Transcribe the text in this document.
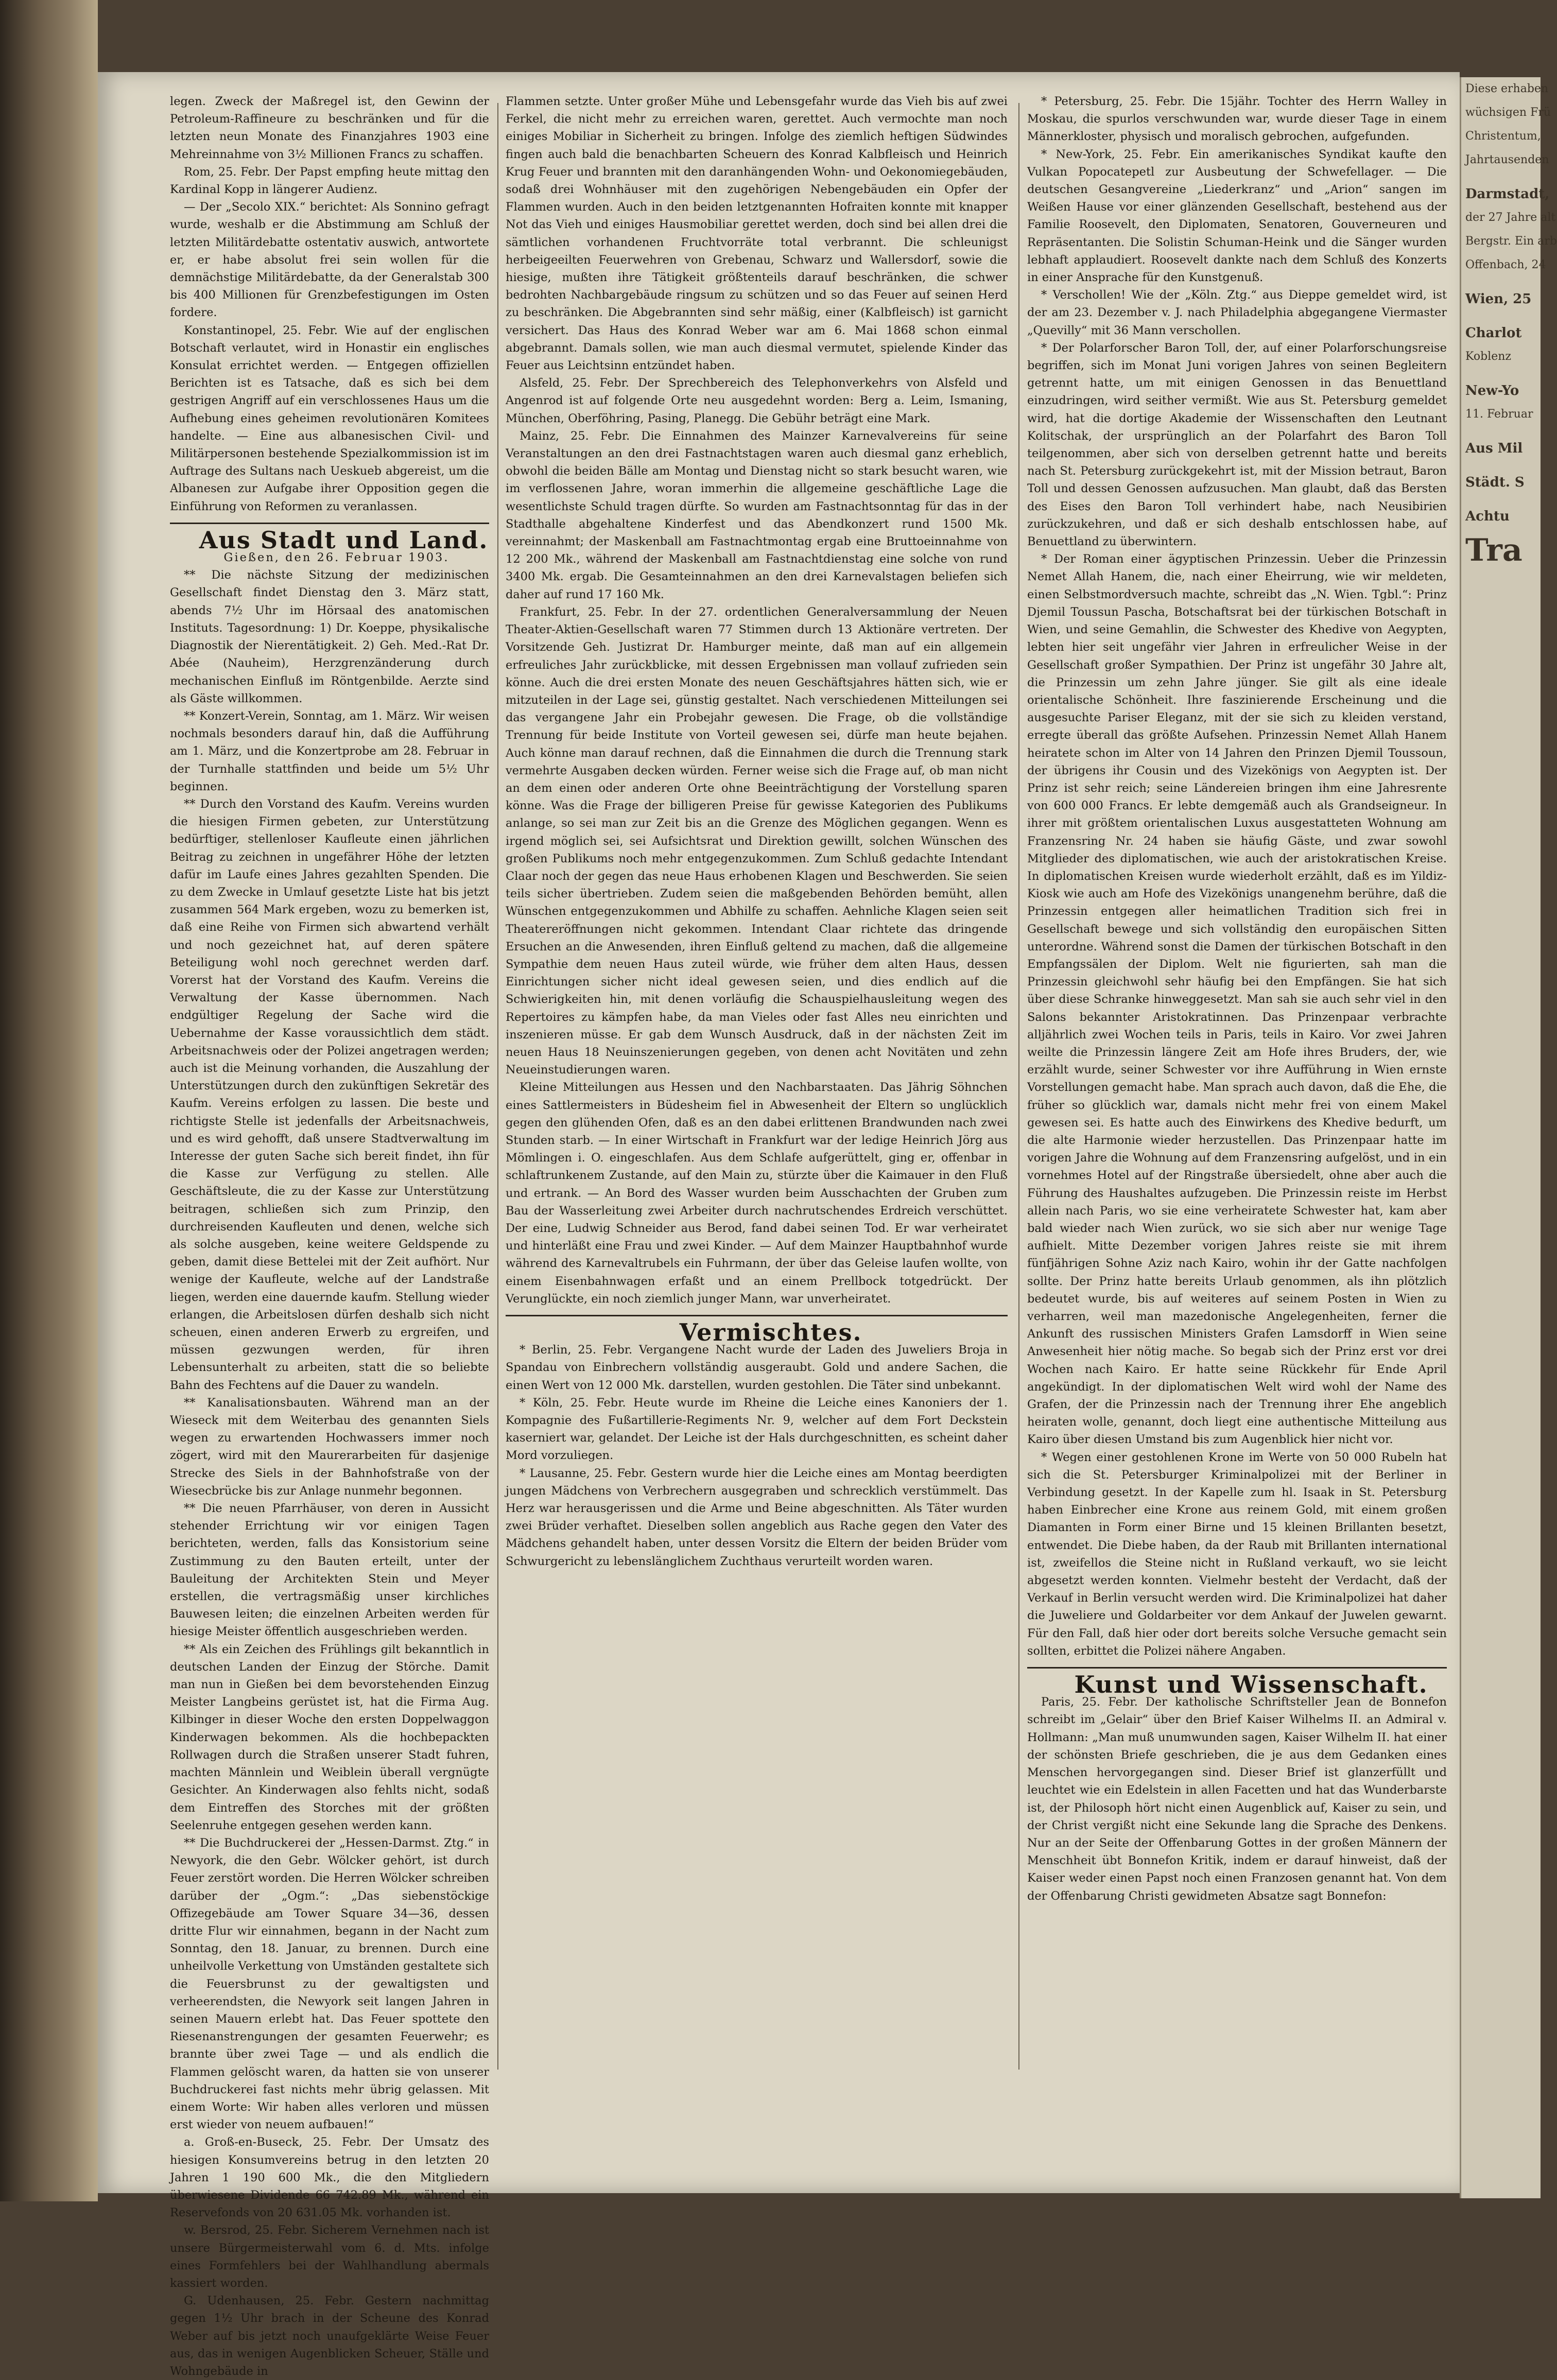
legen. Zweck der Maßregel ist, den Gewinn der Petroleum-Raffineure zu beschränken und für die letzten neun Monate des Finanzjahres 1903 eine Mehreinnahme von 3½ Millionen Francs zu schaffen.

Rom, 25. Febr. Der Papst empfing heute mittag den Kardinal Kopp in längerer Audienz.

— Der „Secolo XIX.“ berichtet: Als Sonnino gefragt wurde, weshalb er die Abstimmung am Schluß der letzten Militärdebatte ostentativ auswich, antwortete er, er habe absolut frei sein wollen für die demnächstige Militärdebatte, da der Generalstab 300 bis 400 Millionen für Grenzbefestigungen im Osten fordere.

Konstantinopel, 25. Febr. Wie auf der englischen Botschaft verlautet, wird in Honastir ein englisches Konsulat errichtet werden. — Entgegen offiziellen Berichten ist es Tatsache, daß es sich bei dem gestrigen Angriff auf ein verschlossenes Haus um die Aufhebung eines geheimen revolutionären Komitees handelte. — Eine aus albanesischen Civil- und Militärpersonen bestehende Spezialkommission ist im Auftrage des Sultans nach Ueskueb abgereist, um die Albanesen zur Aufgabe ihrer Opposition gegen die Einführung von Reformen zu veranlassen.

Aus Stadt und Land.

Gießen, den 26. Februar 1903.

** Die nächste Sitzung der medizinischen Gesellschaft findet Dienstag den 3. März statt, abends 7½ Uhr im Hörsaal des anatomischen Instituts. Tagesordnung: 1) Dr. Koeppe, physikalische Diagnostik der Nierentätigkeit. 2) Geh. Med.-Rat Dr. Abée (Nauheim), Herzgrenzänderung durch mechanischen Einfluß im Röntgenbilde. Aerzte sind als Gäste willkommen.

** Konzert-Verein, Sonntag, am 1. März. Wir weisen nochmals besonders darauf hin, daß die Aufführung am 1. März, und die Konzertprobe am 28. Februar in der Turnhalle stattfinden und beide um 5½ Uhr beginnen.

** Durch den Vorstand des Kaufm. Vereins wurden die hiesigen Firmen gebeten, zur Unterstützung bedürftiger, stellenloser Kaufleute einen jährlichen Beitrag zu zeichnen in ungefährer Höhe der letzten dafür im Laufe eines Jahres gezahlten Spenden. Die zu dem Zwecke in Umlauf gesetzte Liste hat bis jetzt zusammen 564 Mark ergeben, wozu zu bemerken ist, daß eine Reihe von Firmen sich abwartend verhält und noch gezeichnet hat, auf deren spätere Beteiligung wohl noch gerechnet werden darf. Vorerst hat der Vorstand des Kaufm. Vereins die Verwaltung der Kasse übernommen. Nach endgültiger Regelung der Sache wird die Uebernahme der Kasse voraussichtlich dem städt. Arbeitsnachweis oder der Polizei angetragen werden; auch ist die Meinung vorhanden, die Auszahlung der Unterstützungen durch den zukünftigen Sekretär des Kaufm. Vereins erfolgen zu lassen. Die beste und richtigste Stelle ist jedenfalls der Arbeitsnachweis, und es wird gehofft, daß unsere Stadtverwaltung im Interesse der guten Sache sich bereit findet, ihn für die Kasse zur Verfügung zu stellen. Alle Geschäftsleute, die zu der Kasse zur Unterstützung beitragen, schließen sich zum Prinzip, den durchreisenden Kaufleuten und denen, welche sich als solche ausgeben, keine weitere Geldspende zu geben, damit diese Bettelei mit der Zeit aufhört. Nur wenige der Kaufleute, welche auf der Landstraße liegen, werden eine dauernde kaufm. Stellung wieder erlangen, die Arbeitslosen dürfen deshalb sich nicht scheuen, einen anderen Erwerb zu ergreifen, und müssen gezwungen werden, für ihren Lebensunterhalt zu arbeiten, statt die so beliebte Bahn des Fechtens auf die Dauer zu wandeln.

** Kanalisationsbauten. Während man an der Wieseck mit dem Weiterbau des genannten Siels wegen zu erwartenden Hochwassers immer noch zögert, wird mit den Maurerarbeiten für dasjenige Strecke des Siels in der Bahnhofstraße von der Wiesecbrücke bis zur Anlage nunmehr begonnen.

** Die neuen Pfarrhäuser, von deren in Aussicht stehender Errichtung wir vor einigen Tagen berichteten, werden, falls das Konsistorium seine Zustimmung zu den Bauten erteilt, unter der Bauleitung der Architekten Stein und Meyer erstellen, die vertragsmäßig unser kirchliches Bauwesen leiten; die einzelnen Arbeiten werden für hiesige Meister öffentlich ausgeschrieben werden.

** Als ein Zeichen des Frühlings gilt bekanntlich in deutschen Landen der Einzug der Störche. Damit man nun in Gießen bei dem bevorstehenden Einzug Meister Langbeins gerüstet ist, hat die Firma Aug. Kilbinger in dieser Woche den ersten Doppelwaggon Kinderwagen bekommen. Als die hochbepackten Rollwagen durch die Straßen unserer Stadt fuhren, machten Männlein und Weiblein überall vergnügte Gesichter. An Kinderwagen also fehlts nicht, sodaß dem Eintreffen des Storches mit der größten Seelenruhe entgegen gesehen werden kann.

** Die Buchdruckerei der „Hessen-Darmst. Ztg.“ in Newyork, die den Gebr. Wölcker gehört, ist durch Feuer zerstört worden. Die Herren Wölcker schreiben darüber der „Ogm.“: „Das siebenstöckige Offizegebäude am Tower Square 34—36, dessen dritte Flur wir einnahmen, begann in der Nacht zum Sonntag, den 18. Januar, zu brennen. Durch eine unheilvolle Verkettung von Umständen gestaltete sich die Feuersbrunst zu der gewaltigsten und verheerendsten, die Newyork seit langen Jahren in seinen Mauern erlebt hat. Das Feuer spottete den Riesenanstrengungen der gesamten Feuerwehr; es brannte über zwei Tage — und als endlich die Flammen gelöscht waren, da hatten sie von unserer Buchdruckerei fast nichts mehr übrig gelassen. Mit einem Worte: Wir haben alles verloren und müssen erst wieder von neuem aufbauen!“

a. Groß-en-Buseck, 25. Febr. Der Umsatz des hiesigen Konsumvereins betrug in den letzten 20 Jahren 1 190 600 Mk., die den Mitgliedern überwiesene Dividende 66 742.89 Mk., während ein Reservefonds von 20 631.05 Mk. vorhanden ist.

w. Bersrod, 25. Febr. Sicherem Vernehmen nach ist unsere Bürgermeisterwahl vom 6. d. Mts. infolge eines Formfehlers bei der Wahlhandlung abermals kassiert worden.

G. Udenhausen, 25. Febr. Gestern nachmittag gegen 1½ Uhr brach in der Scheune des Konrad Weber auf bis jetzt noch unaufgeklärte Weise Feuer aus, das in wenigen Augenblicken Scheuer, Ställe und Wohngebäude in

Flammen setzte. Unter großer Mühe und Lebensgefahr wurde das Vieh bis auf zwei Ferkel, die nicht mehr zu erreichen waren, gerettet. Auch vermochte man noch einiges Mobiliar in Sicherheit zu bringen. Infolge des ziemlich heftigen Südwindes fingen auch bald die benachbarten Scheuern des Konrad Kalbfleisch und Heinrich Krug Feuer und brannten mit den daranhängenden Wohn- und Oekonomiegebäuden, sodaß drei Wohnhäuser mit den zugehörigen Nebengebäuden ein Opfer der Flammen wurden. Auch in den beiden letztgenannten Hofraiten konnte mit knapper Not das Vieh und einiges Hausmobiliar gerettet werden, doch sind bei allen drei die sämtlichen vorhandenen Fruchtvorräte total verbrannt. Die schleunigst herbeigeeilten Feuerwehren von Grebenau, Schwarz und Wallersdorf, sowie die hiesige, mußten ihre Tätigkeit größtenteils darauf beschränken, die schwer bedrohten Nachbargebäude ringsum zu schützen und so das Feuer auf seinen Herd zu beschränken. Die Abgebrannten sind sehr mäßig, einer (Kalbfleisch) ist garnicht versichert. Das Haus des Konrad Weber war am 6. Mai 1868 schon einmal abgebrannt. Damals sollen, wie man auch diesmal vermutet, spielende Kinder das Feuer aus Leichtsinn entzündet haben.

Alsfeld, 25. Febr. Der Sprechbereich des Telephonverkehrs von Alsfeld und Angenrod ist auf folgende Orte neu ausgedehnt worden: Berg a. Leim, Ismaning, München, Oberföhring, Pasing, Planegg. Die Gebühr beträgt eine Mark.

Mainz, 25. Febr. Die Einnahmen des Mainzer Karnevalvereins für seine Veranstaltungen an den drei Fastnachtstagen waren auch diesmal ganz erheblich, obwohl die beiden Bälle am Montag und Dienstag nicht so stark besucht waren, wie im verflossenen Jahre, woran immerhin die allgemeine geschäftliche Lage die wesentlichste Schuld tragen dürfte. So wurden am Fastnachtsonntag für das in der Stadthalle abgehaltene Kinderfest und das Abendkonzert rund 1500 Mk. vereinnahmt; der Maskenball am Fastnachtmontag ergab eine Bruttoeinnahme von 12 200 Mk., während der Maskenball am Fastnachtdienstag eine solche von rund 3400 Mk. ergab. Die Gesamteinnahmen an den drei Karnevalstagen beliefen sich daher auf rund 17 160 Mk.

Frankfurt, 25. Febr. In der 27. ordentlichen Generalversammlung der Neuen Theater-Aktien-Gesellschaft waren 77 Stimmen durch 13 Aktionäre vertreten. Der Vorsitzende Geh. Justizrat Dr. Hamburger meinte, daß man auf ein allgemein erfreuliches Jahr zurückblicke, mit dessen Ergebnissen man vollauf zufrieden sein könne. Auch die drei ersten Monate des neuen Geschäftsjahres hätten sich, wie er mitzuteilen in der Lage sei, günstig gestaltet. Nach verschiedenen Mitteilungen sei das vergangene Jahr ein Probejahr gewesen. Die Frage, ob die vollständige Trennung für beide Institute von Vorteil gewesen sei, dürfe man heute bejahen. Auch könne man darauf rechnen, daß die Einnahmen die durch die Trennung stark vermehrte Ausgaben decken würden. Ferner weise sich die Frage auf, ob man nicht an dem einen oder anderen Orte ohne Beeinträchtigung der Vorstellung sparen könne. Was die Frage der billigeren Preise für gewisse Kategorien des Publikums anlange, so sei man zur Zeit bis an die Grenze des Möglichen gegangen. Wenn es irgend möglich sei, sei Aufsichtsrat und Direktion gewillt, solchen Wünschen des großen Publikums noch mehr entgegenzukommen. Zum Schluß gedachte Intendant Claar noch der gegen das neue Haus erhobenen Klagen und Beschwerden. Sie seien teils sicher übertrieben. Zudem seien die maßgebenden Behörden bemüht, allen Wünschen entgegenzukommen und Abhilfe zu schaffen. Aehnliche Klagen seien seit Theatereröffnungen nicht gekommen. Intendant Claar richtete das dringende Ersuchen an die Anwesenden, ihren Einfluß geltend zu machen, daß die allgemeine Sympathie dem neuen Haus zuteil würde, wie früher dem alten Haus, dessen Einrichtungen sicher nicht ideal gewesen seien, und dies endlich auf die Schwierigkeiten hin, mit denen vorläufig die Schauspielhausleitung wegen des Repertoires zu kämpfen habe, da man Vieles oder fast Alles neu einrichten und inszenieren müsse. Er gab dem Wunsch Ausdruck, daß in der nächsten Zeit im neuen Haus 18 Neuinszenierungen gegeben, von denen acht Novitäten und zehn Neueinstudierungen waren.

Kleine Mitteilungen aus Hessen und den Nachbarstaaten. Das Jährig Söhnchen eines Sattlermeisters in Büdesheim fiel in Abwesenheit der Eltern so unglücklich gegen den glühenden Ofen, daß es an den dabei erlittenen Brandwunden nach zwei Stunden starb. — In einer Wirtschaft in Frankfurt war der ledige Heinrich Jörg aus Mömlingen i. O. eingeschlafen. Aus dem Schlafe aufgerüttelt, ging er, offenbar in schlaftrunkenem Zustande, auf den Main zu, stürzte über die Kaimauer in den Fluß und ertrank. — An Bord des Wasser wurden beim Ausschachten der Gruben zum Bau der Wasserleitung zwei Arbeiter durch nachrutschendes Erdreich verschüttet. Der eine, Ludwig Schneider aus Berod, fand dabei seinen Tod. Er war verheiratet und hinterläßt eine Frau und zwei Kinder. — Auf dem Mainzer Hauptbahnhof wurde während des Karnevaltrubels ein Fuhrmann, der über das Geleise laufen wollte, von einem Eisenbahnwagen erfaßt und an einem Prellbock totgedrückt. Der Verunglückte, ein noch ziemlich junger Mann, war unverheiratet.

Vermischtes.

* Berlin, 25. Febr. Vergangene Nacht wurde der Laden des Juweliers Broja in Spandau von Einbrechern vollständig ausgeraubt. Gold und andere Sachen, die einen Wert von 12 000 Mk. darstellen, wurden gestohlen. Die Täter sind unbekannt.

* Köln, 25. Febr. Heute wurde im Rheine die Leiche eines Kanoniers der 1. Kompagnie des Fußartillerie-Regiments Nr. 9, welcher auf dem Fort Deckstein kaserniert war, gelandet. Der Leiche ist der Hals durchgeschnitten, es scheint daher Mord vorzuliegen.

* Lausanne, 25. Febr. Gestern wurde hier die Leiche eines am Montag beerdigten jungen Mädchens von Verbrechern ausgegraben und schrecklich verstümmelt. Das Herz war herausgerissen und die Arme und Beine abgeschnitten. Als Täter wurden zwei Brüder verhaftet. Dieselben sollen angeblich aus Rache gegen den Vater des Mädchens gehandelt haben, unter dessen Vorsitz die Eltern der beiden Brüder vom Schwurgericht zu lebenslänglichem Zuchthaus verurteilt worden waren.

* Petersburg, 25. Febr. Die 15jähr. Tochter des Herrn Walley in Moskau, die spurlos verschwunden war, wurde dieser Tage in einem Männerkloster, physisch und moralisch gebrochen, aufgefunden.

* New-York, 25. Febr. Ein amerikanisches Syndikat kaufte den Vulkan Popocatepetl zur Ausbeutung der Schwefellager. — Die deutschen Gesangvereine „Liederkranz“ und „Arion“ sangen im Weißen Hause vor einer glänzenden Gesellschaft, bestehend aus der Familie Roosevelt, den Diplomaten, Senatoren, Gouverneuren und Repräsentanten. Die Solistin Schuman-Heink und die Sänger wurden lebhaft applaudiert. Roosevelt dankte nach dem Schluß des Konzerts in einer Ansprache für den Kunstgenuß.

* Verschollen! Wie der „Köln. Ztg.“ aus Dieppe gemeldet wird, ist der am 23. Dezember v. J. nach Philadelphia abgegangene Viermaster „Quevilly“ mit 36 Mann verschollen.

* Der Polarforscher Baron Toll, der, auf einer Polarforschungsreise begriffen, sich im Monat Juni vorigen Jahres von seinen Begleitern getrennt hatte, um mit einigen Genossen in das Benuettland einzudringen, wird seither vermißt. Wie aus St. Petersburg gemeldet wird, hat die dortige Akademie der Wissenschaften den Leutnant Kolitschak, der ursprünglich an der Polarfahrt des Baron Toll teilgenommen, aber sich von derselben getrennt hatte und bereits nach St. Petersburg zurückgekehrt ist, mit der Mission betraut, Baron Toll und dessen Genossen aufzusuchen. Man glaubt, daß das Bersten des Eises den Baron Toll verhindert habe, nach Neusibirien zurückzukehren, und daß er sich deshalb entschlossen habe, auf Benuettland zu überwintern.

* Der Roman einer ägyptischen Prinzessin. Ueber die Prinzessin Nemet Allah Hanem, die, nach einer Eheirrung, wie wir meldeten, einen Selbstmordversuch machte, schreibt das „N. Wien. Tgbl.“: Prinz Djemil Toussun Pascha, Botschaftsrat bei der türkischen Botschaft in Wien, und seine Gemahlin, die Schwester des Khedive von Aegypten, lebten hier seit ungefähr vier Jahren in erfreulicher Weise in der Gesellschaft großer Sympathien. Der Prinz ist ungefähr 30 Jahre alt, die Prinzessin um zehn Jahre jünger. Sie gilt als eine ideale orientalische Schönheit. Ihre faszinierende Erscheinung und die ausgesuchte Pariser Eleganz, mit der sie sich zu kleiden verstand, erregte überall das größte Aufsehen. Prinzessin Nemet Allah Hanem heiratete schon im Alter von 14 Jahren den Prinzen Djemil Toussoun, der übrigens ihr Cousin und des Vizekönigs von Aegypten ist. Der Prinz ist sehr reich; seine Ländereien bringen ihm eine Jahresrente von 600 000 Francs. Er lebte demgemäß auch als Grandseigneur. In ihrer mit größtem orientalischen Luxus ausgestatteten Wohnung am Franzensring Nr. 24 haben sie häufig Gäste, und zwar sowohl Mitglieder des diplomatischen, wie auch der aristokratischen Kreise. In diplomatischen Kreisen wurde wiederholt erzählt, daß es im Yildiz-Kiosk wie auch am Hofe des Vizekönigs unangenehm berühre, daß die Prinzessin entgegen aller heimatlichen Tradition sich frei in Gesellschaft bewege und sich vollständig den europäischen Sitten unterordne. Während sonst die Damen der türkischen Botschaft in den Empfangssälen der Diplom. Welt nie figurierten, sah man die Prinzessin gleichwohl sehr häufig bei den Empfängen. Sie hat sich über diese Schranke hinweggesetzt. Man sah sie auch sehr viel in den Salons bekannter Aristokratinnen. Das Prinzenpaar verbrachte alljährlich zwei Wochen teils in Paris, teils in Kairo. Vor zwei Jahren weilte die Prinzessin längere Zeit am Hofe ihres Bruders, der, wie erzählt wurde, seiner Schwester vor ihre Aufführung in Wien ernste Vorstellungen gemacht habe. Man sprach auch davon, daß die Ehe, die früher so glücklich war, damals nicht mehr frei von einem Makel gewesen sei. Es hatte auch des Einwirkens des Khedive bedurft, um die alte Harmonie wieder herzustellen. Das Prinzenpaar hatte im vorigen Jahre die Wohnung auf dem Franzensring aufgelöst, und in ein vornehmes Hotel auf der Ringstraße übersiedelt, ohne aber auch die Führung des Haushaltes aufzugeben. Die Prinzessin reiste im Herbst allein nach Paris, wo sie eine verheiratete Schwester hat, kam aber bald wieder nach Wien zurück, wo sie sich aber nur wenige Tage aufhielt. Mitte Dezember vorigen Jahres reiste sie mit ihrem fünfjährigen Sohne Aziz nach Kairo, wohin ihr der Gatte nachfolgen sollte. Der Prinz hatte bereits Urlaub genommen, als ihn plötzlich bedeutet wurde, bis auf weiteres auf seinem Posten in Wien zu verharren, weil man mazedonische Angelegenheiten, ferner die Ankunft des russischen Ministers Grafen Lamsdorff in Wien seine Anwesenheit hier nötig mache. So begab sich der Prinz erst vor drei Wochen nach Kairo. Er hatte seine Rückkehr für Ende April angekündigt. In der diplomatischen Welt wird wohl der Name des Grafen, der die Prinzessin nach der Trennung ihrer Ehe angeblich heiraten wolle, genannt, doch liegt eine authentische Mitteilung aus Kairo über diesen Umstand bis zum Augenblick hier nicht vor.

* Wegen einer gestohlenen Krone im Werte von 50 000 Rubeln hat sich die St. Petersburger Kriminalpolizei mit der Berliner in Verbindung gesetzt. In der Kapelle zum hl. Isaak in St. Petersburg haben Einbrecher eine Krone aus reinem Gold, mit einem großen Diamanten in Form einer Birne und 15 kleinen Brillanten besetzt, entwendet. Die Diebe haben, da der Raub mit Brillanten international ist, zweifellos die Steine nicht in Rußland verkauft, wo sie leicht abgesetzt werden konnten. Vielmehr besteht der Verdacht, daß der Verkauf in Berlin versucht werden wird. Die Kriminalpolizei hat daher die Juweliere und Goldarbeiter vor dem Ankauf der Juwelen gewarnt. Für den Fall, daß hier oder dort bereits solche Versuche gemacht sein sollten, erbittet die Polizei nähere Angaben.

Kunst und Wissenschaft.

Paris, 25. Febr. Der katholische Schriftsteller Jean de Bonnefon schreibt im „Gelair“ über den Brief Kaiser Wilhelms II. an Admiral v. Hollmann: „Man muß unumwunden sagen, Kaiser Wilhelm II. hat einer der schönsten Briefe geschrieben, die je aus dem Gedanken eines Menschen hervorgegangen sind. Dieser Brief ist glanzerfüllt und leuchtet wie ein Edelstein in allen Facetten und hat das Wunderbarste ist, der Philosoph hört nicht einen Augenblick auf, Kaiser zu sein, und der Christ vergißt nicht eine Sekunde lang die Sprache des Denkens. Nur an der Seite der Offenbarung Gottes in der großen Männern der Menschheit übt Bonnefon Kritik, indem er darauf hinweist, daß der Kaiser weder einen Papst noch einen Franzosen genannt hat. Von dem der Offenbarung Christi gewidmeten Absatze sagt Bonnefon:

Diese erhaben
wüchsigen Frü
Christentum,
Jahrtausenden
Darmstadt,
der 27 Jahre alt
Bergstr. Ein arb
Offenbach, 24
Wien, 25
Charlot
Koblenz
New-Yo
11. Februar
Aus Mil
Städt. S
Achtu
Tra
